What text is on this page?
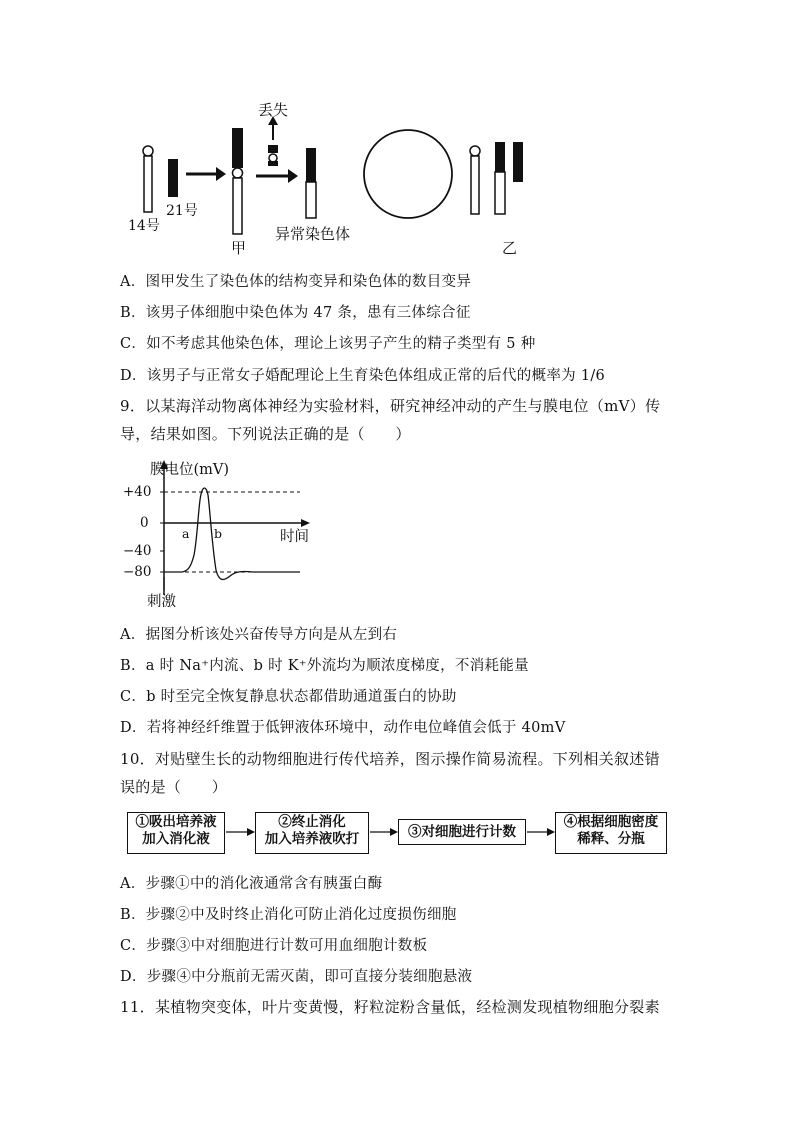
丢失
14号
21号
异常染色体
甲	乙
A．图甲发生了染色体的结构变异和染色体的数目变异
B．该男子体细胞中染色体为 47 条，患有三体综合征
C．如不考虑其他染色体，理论上该男子产生的精子类型有 5 种
D．该男子与正常女子婚配理论上生育染色体组成正常的后代的概率为 1/6
9．以某海洋动物离体神经为实验材料，研究神经冲动的产生与膜电位（mV）传
导，结果如图。下列说法正确的是（　　）
膜电位(mV)
时间
+40
0
−40
−80
a b
刺激
A．据图分析该处兴奋传导方向是从左到右
B．a 时 Na⁺内流、b 时 K⁺外流均为顺浓度梯度，不消耗能量
C．b 时至完全恢复静息状态都借助通道蛋白的协助
D．若将神经纤维置于低钾液体环境中，动作电位峰值会低于 40mV
10．对贴壁生长的动物细胞进行传代培养，图示操作简易流程。下列相关叙述错
误的是（　　）
①吸出培养液
加入消化液
②终止消化
加入培养液吹打	③对细胞进行计数
④根据细胞密度
稀释、分瓶
A．步骤①中的消化液通常含有胰蛋白酶
B．步骤②中及时终止消化可防止消化过度损伤细胞
C．步骤③中对细胞进行计数可用血细胞计数板
D．步骤④中分瓶前无需灭菌，即可直接分装细胞悬液
11．某植物突变体，叶片变黄慢，籽粒淀粉含量低，经检测发现植物细胞分裂素
